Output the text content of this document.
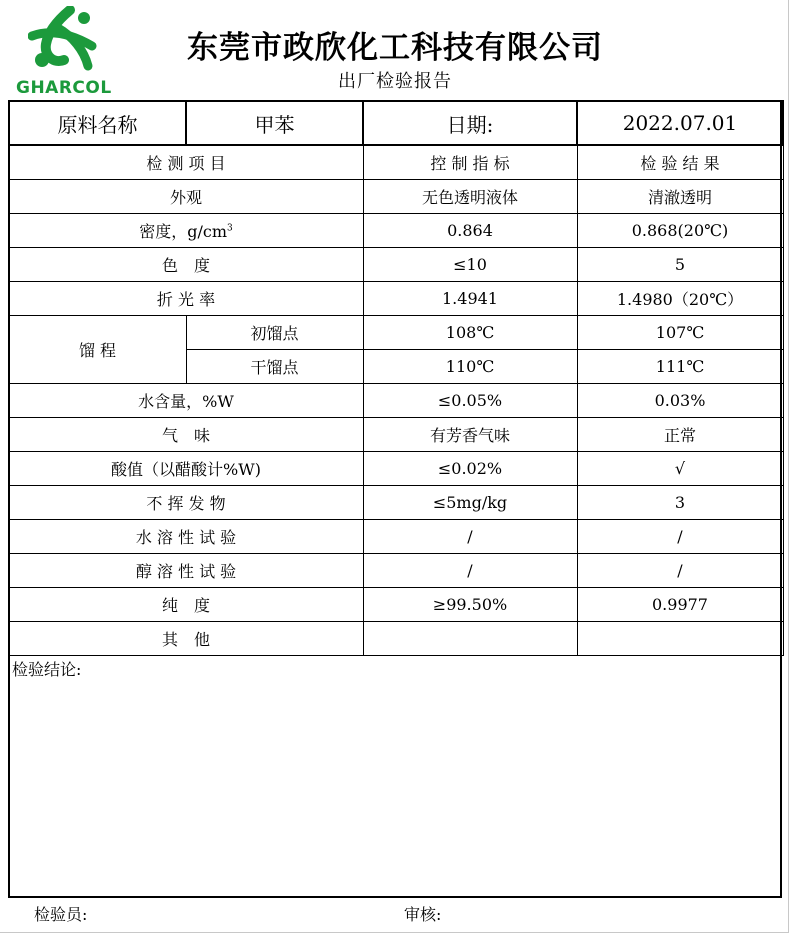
GHARCOL
东莞市政欣化工科技有限公司
出厂检验报告
原料名称	甲苯	日期:	2022.07.01
检 测 项 目		控 制 指 标	检 验 结 果
外观		无色透明液体	清澈透明
密度，$g/cm^3$		0.864	0.868(20℃)
色　度		≤10	5
折 光 率		1.4941	1.4980（20℃）
馏 程	初馏点	108℃	107℃
	干馏点	110℃	111℃
水含量，%W		≤0.05%	0.03%
气　味		有芳香气味	正常
酸值（以醋酸计%W)		≤0.02%	√
不 挥 发 物		≤5mg/kg	3
水 溶 性 试 验		/	/
醇 溶 性 试 验		/	/
纯　度		≥99.50%	0.9977
其　他			
检验结论:
检验员:	审核:
